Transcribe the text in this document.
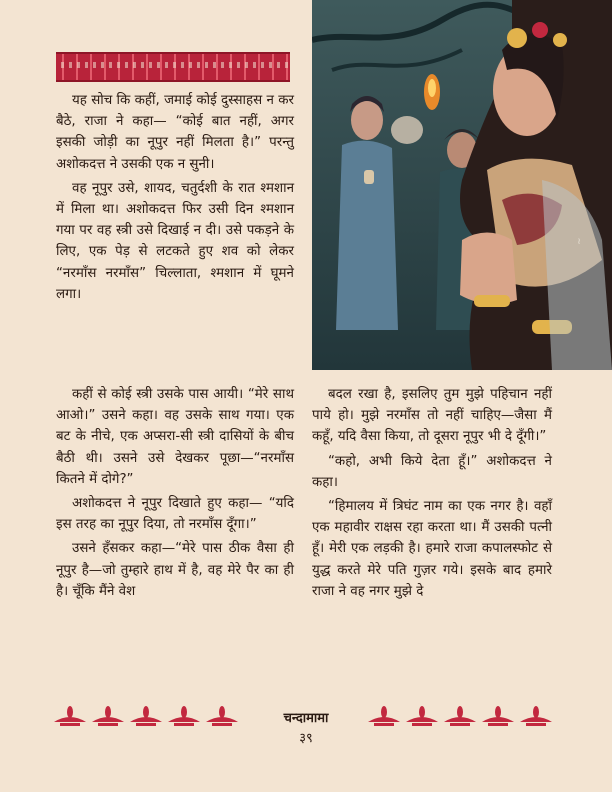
~

यह सोच कि कहीं, जमाई कोई दुस्साहस न कर बैठे, राजा ने कहा— “कोई बात नहीं, अगर इसकी जोड़ी का नूपुर नहीं मिलता है।” परन्तु अशोकदत्त ने उसकी एक न सुनी।

वह नूपुर उसे, शायद, चतुर्दशी के रात श्मशान में मिला था। अशोकदत्त फिर उसी दिन श्मशान गया पर वह स्त्री उसे दिखाई न दी। उसे पकड़ने के लिए, एक पेड़ से लटकते हुए शव को लेकर “नरमाँस नरमाँस” चिल्लाता, श्मशान में घूमने लगा।

कहीं से कोई स्त्री उसके पास आयी। “मेरे साथ आओ।” उसने कहा। वह उसके साथ गया। एक बट के नीचे, एक अप्सरा-सी स्त्री दासियों के बीच बैठी थी। उसने उसे देखकर पूछा—“नरमाँस कितने में दोगे?”

अशोकदत्त ने नूपुर दिखाते हुए कहा— “यदि इस तरह का नूपुर दिया, तो नरमाँस दूँगा।”

उसने हँसकर कहा—“मेरे पास ठीक वैसा ही नूपुर है—जो तुम्हारे हाथ में है, वह मेरे पैर का ही है। चूँकि मैंने वेश

बदल रखा है, इसलिए तुम मुझे पहिचान नहीं पाये हो। मुझे नरमाँस तो नहीं चाहिए—जैसा मैं कहूँ, यदि वैसा किया, तो दूसरा नूपुर भी दे दूँगी।”

“कहो, अभी किये देता हूँ।” अशोकदत्त ने कहा।

“हिमालय में त्रिघंट नाम का एक नगर है। वहाँ एक महावीर राक्षस रहा करता था। मैं उसकी पत्नी हूँ। मेरी एक लड़की है। हमारे राजा कपालस्फोट से युद्ध करते मेरे पति गुज़र गये। इसके बाद हमारे राजा ने वह नगर मुझे दे

चन्दामामा
३९
